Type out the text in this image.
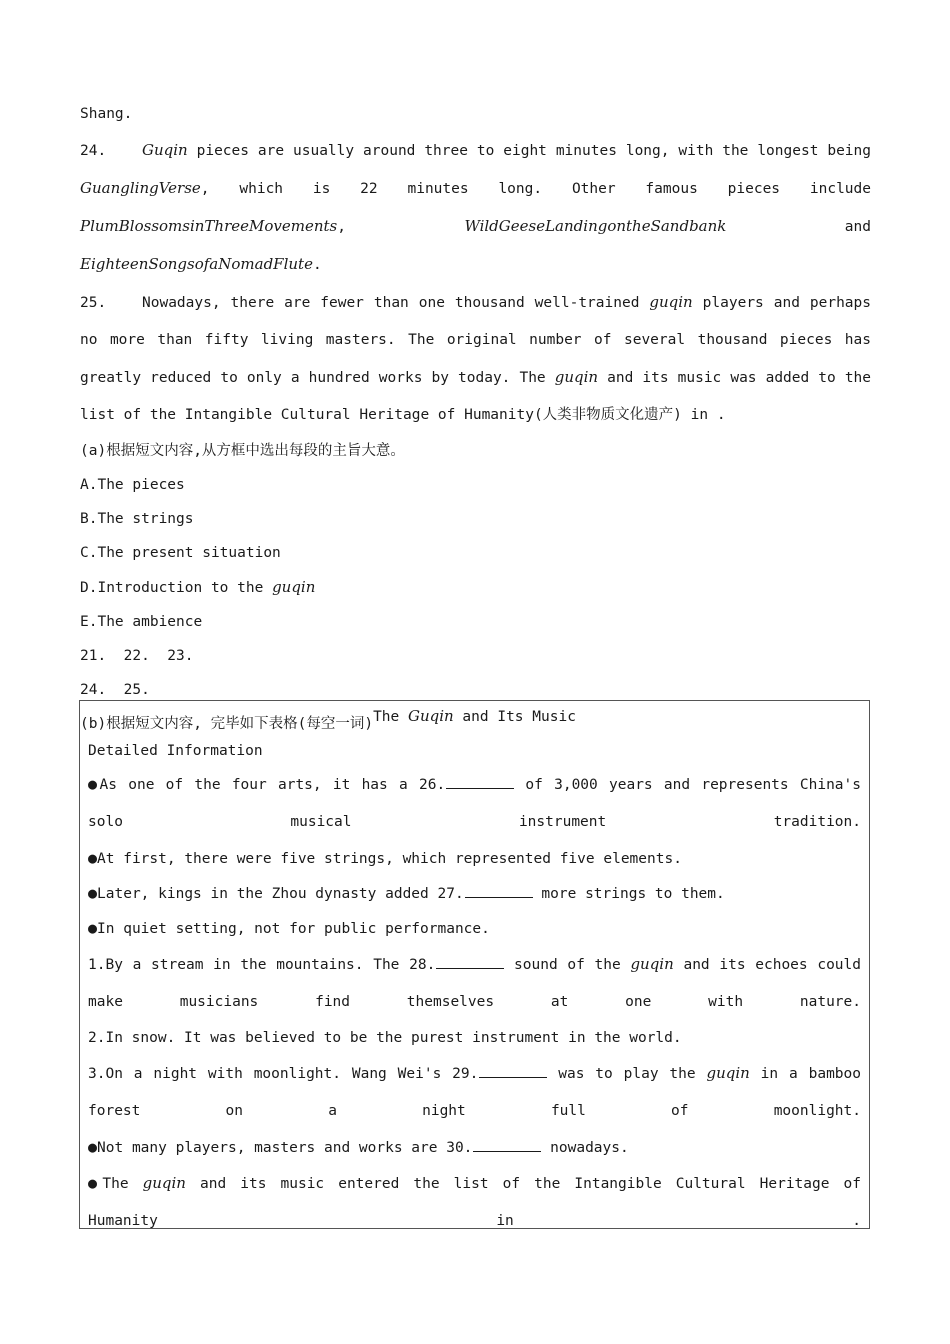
Shang.

24. Guqin pieces are usually around three to eight minutes long, with the longest being GuanglingVerse, which is 22 minutes long. Other famous pieces include PlumBlossomsinThreeMovements, WildGeeseLandingontheSandbank and EighteenSongsofaNomadFlute.

25. Nowadays, there are fewer than one thousand well-trained guqin players and perhaps no more than fifty living masters. The original number of several thousand pieces has greatly reduced to only a hundred works by today. The guqin and its music was added to the list of the Intangible Cultural Heritage of Humanity(人类非物质文化遗产) in .

(a)根据短文内容,从方框中选出每段的主旨大意。

A.The pieces

B.The strings

C.The present situation

D.Introduction to the guqin

E.The ambience

21.  22.  23.

24.  25.

(b)根据短文内容, 完毕如下表格(每空一词) The Guqin and Its Music
Detailed Information
●As one of the four arts, it has a 26.	of 3,000 years and represents China's solo musical instrument tradition.
●At first, there were five strings, which represented five elements.
●Later, kings in the Zhou dynasty added 27.	more strings to them.
●In quiet setting, not for public performance.
1.By a stream in the mountains. The 28.	sound of the guqin and its echoes could make musicians find themselves at one with nature.
2.In snow. It was believed to be the purest instrument in the world.
3.On a night with moonlight. Wang Wei's 29.	was to play the guqin in a bamboo forest on a night full of moonlight.
●Not many players, masters and works are 30.	nowadays.
●The guqin and its music entered the list of the Intangible Cultural Heritage of Humanity in .
